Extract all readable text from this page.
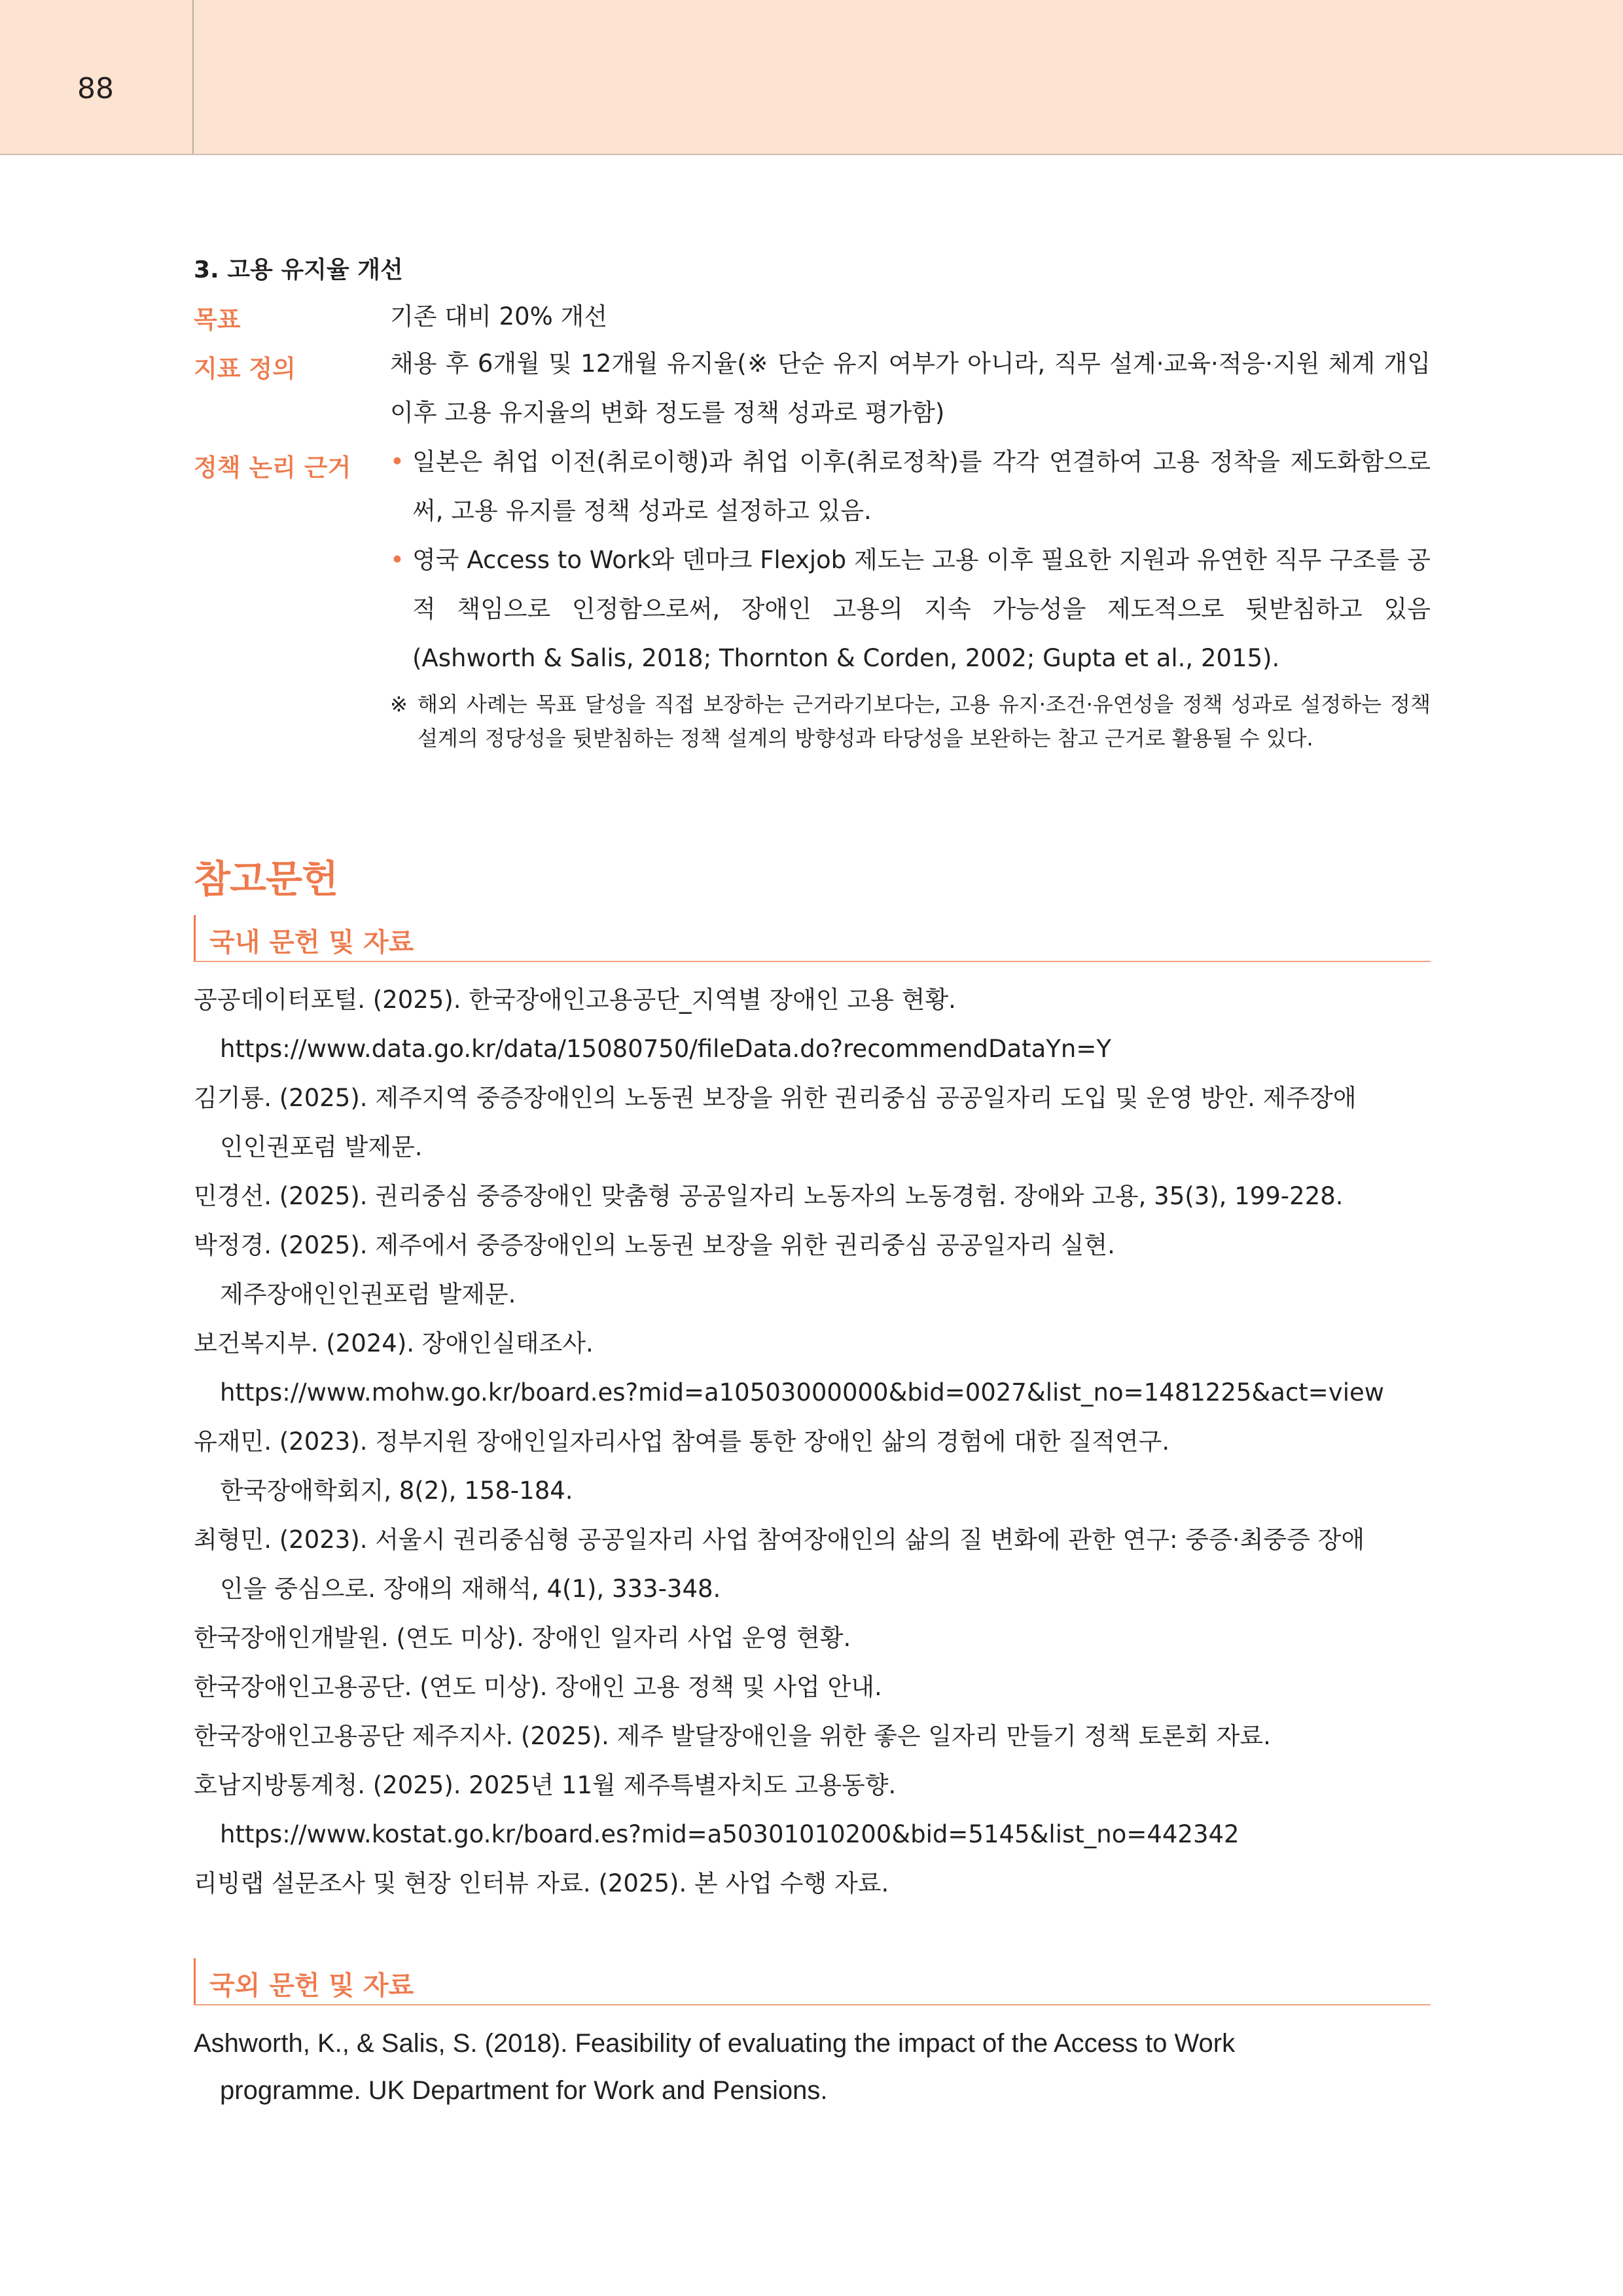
88
3. 고용 유지율 개선
목표	기존 대비 20% 개선
지표 정의	채용 후 6개월 및 12개월 유지율(※ 단순 유지 여부가 아니라, 직무 설계·교육·적응·지원 체계 개입 이후 고용 유지율의 변화 정도를 정책 성과로 평가함)
정책 논리 근거 • 일본은 취업 이전(취로이행)과 취업 이후(취로정착)를 각각 연결하여 고용 정착을 제도화함으로써, 고용 유지를 정책 성과로 설정하고 있음.
• 영국 Access to Work와 덴마크 Flexjob 제도는 고용 이후 필요한 지원과 유연한 직무 구조를 공적 책임으로 인정함으로써, 장애인 고용의 지속 가능성을 제도적으로 뒷받침하고 있음(Ashworth & Salis, 2018; Thornton & Corden, 2002; Gupta et al., 2015).
※ 해외 사례는 목표 달성을 직접 보장하는 근거라기보다는, 고용 유지·조건·유연성을 정책 성과로 설정하는 정책 설계의 정당성을 뒷받침하는 정책 설계의 방향성과 타당성을 보완하는 참고 근거로 활용될 수 있다.
참고문헌
국내 문헌 및 자료
공공데이터포털. (2025). 한국장애인고용공단_지역별 장애인 고용 현황.
https://www.data.go.kr/data/15080750/fileData.do?recommendDataYn=Y
김기룡. (2025). 제주지역 중증장애인의 노동권 보장을 위한 권리중심 공공일자리 도입 및 운영 방안. 제주장애
인인권포럼 발제문.
민경선. (2025). 권리중심 중증장애인 맞춤형 공공일자리 노동자의 노동경험. 장애와 고용, 35(3), 199-228.
박정경. (2025). 제주에서 중증장애인의 노동권 보장을 위한 권리중심 공공일자리 실현.
제주장애인인권포럼 발제문.
보건복지부. (2024). 장애인실태조사.
https://www.mohw.go.kr/board.es?mid=a10503000000&bid=0027&list_no=1481225&act=view
유재민. (2023). 정부지원 장애인일자리사업 참여를 통한 장애인 삶의 경험에 대한 질적연구.
한국장애학회지, 8(2), 158-184.
최형민. (2023). 서울시 권리중심형 공공일자리 사업 참여장애인의 삶의 질 변화에 관한 연구: 중증·최중증 장애
인을 중심으로. 장애의 재해석, 4(1), 333-348.
한국장애인개발원. (연도 미상). 장애인 일자리 사업 운영 현황.
한국장애인고용공단. (연도 미상). 장애인 고용 정책 및 사업 안내.
한국장애인고용공단 제주지사. (2025). 제주 발달장애인을 위한 좋은 일자리 만들기 정책 토론회 자료.
호남지방통계청. (2025). 2025년 11월 제주특별자치도 고용동향.
https://www.kostat.go.kr/board.es?mid=a50301010200&bid=5145&list_no=442342
리빙랩 설문조사 및 현장 인터뷰 자료. (2025). 본 사업 수행 자료.
국외 문헌 및 자료
Ashworth, K., & Salis, S. (2018). Feasibility of evaluating the impact of the Access to Work
programme. UK Department for Work and Pensions.
